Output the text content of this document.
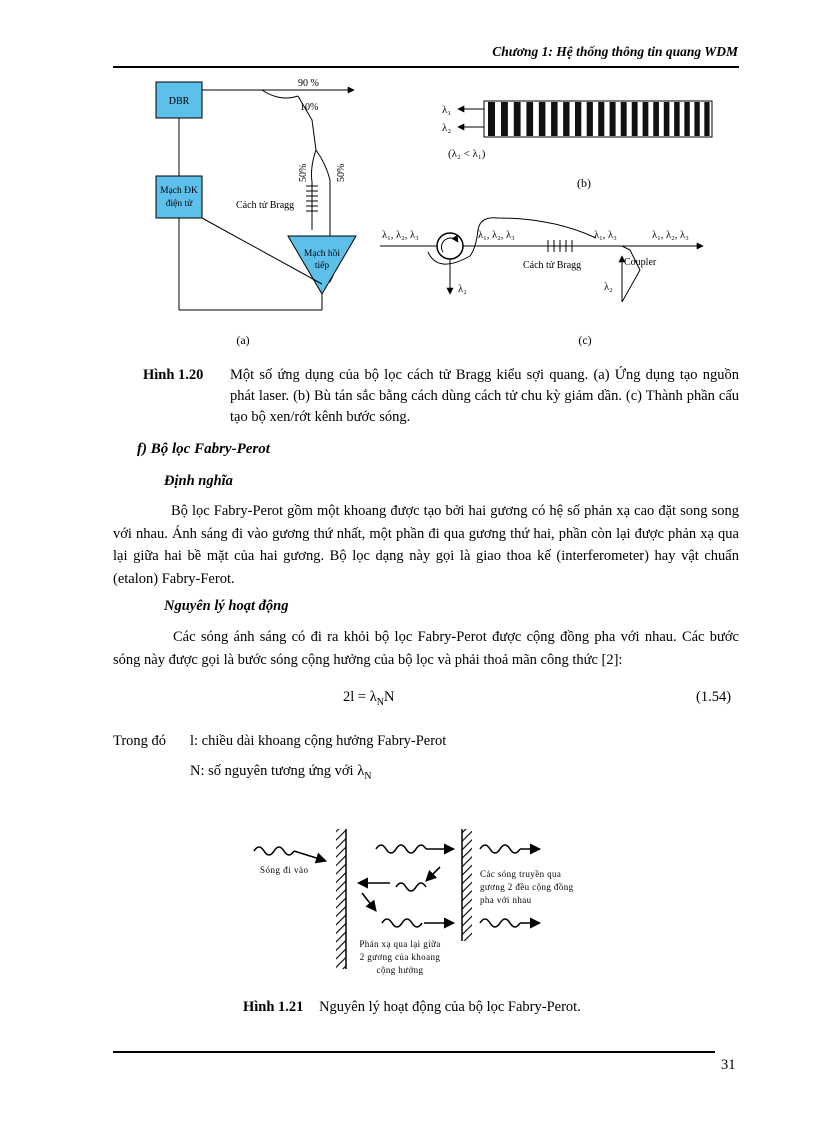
Chương 1: Hệ thống thông tin quang WDM
DBR
90 %
10%
50%	50%
Cách tử Bragg
Mạch ĐK
điện tử
Mạch hồi
tiếp
(a)
λ₁
λ₂
(λ₂ < λ₁)
(b)
λ₁, λ₂, λ₃
λ₂
λ₁, λ₂, λ₃
Cách tử Bragg
λ₁, λ₃	λ₁, λ₂, λ₃
Coupler
λ₂
(c)
Hình 1.20 Một số ứng dụng của bộ lọc cách tử Bragg kiểu sợi quang. (a) Ứng dụng tạo nguồn phát laser. (b) Bù tán sắc bằng cách dùng cách tử chu kỳ giảm dần. (c) Thành phần cấu tạo bộ xen/rớt kênh bước sóng.
f) Bộ lọc Fabry-Perot
Định nghĩa
Bộ lọc Fabry-Perot gồm một khoang được tạo bởi hai gương có hệ số phản xạ cao đặt song song với nhau. Ánh sáng đi vào gương thứ nhất, một phần đi qua gương thứ hai, phần còn lại được phản xạ qua lại giữa hai bề mặt của hai gương. Bộ lọc dạng này gọi là giao thoa kế (interferometer) hay vật chuẩn (etalon) Fabry-Ferot.
Nguyên lý hoạt động
Các sóng ánh sáng có đi ra khỏi bộ lọc Fabry-Perot được cộng đồng pha với nhau. Các bước sóng này được gọi là bước sóng cộng hưởng của bộ lọc và phải thoả mãn công thức [2]:
$2l = \lambda_NN$	(1.54)
Trong đó l: chiều dài khoang cộng hưởng Fabry-Perot
N: số nguyên tương ứng với $\lambda_N$
Sóng đi vào	Các sóng truyền qua
gương 2 đều cộng đồng
pha với nhau
Phản xạ qua lại giữa
2 gương của khoang
cộng hưởng
Hình 1.21 Nguyên lý hoạt động của bộ lọc Fabry-Perot.
31
